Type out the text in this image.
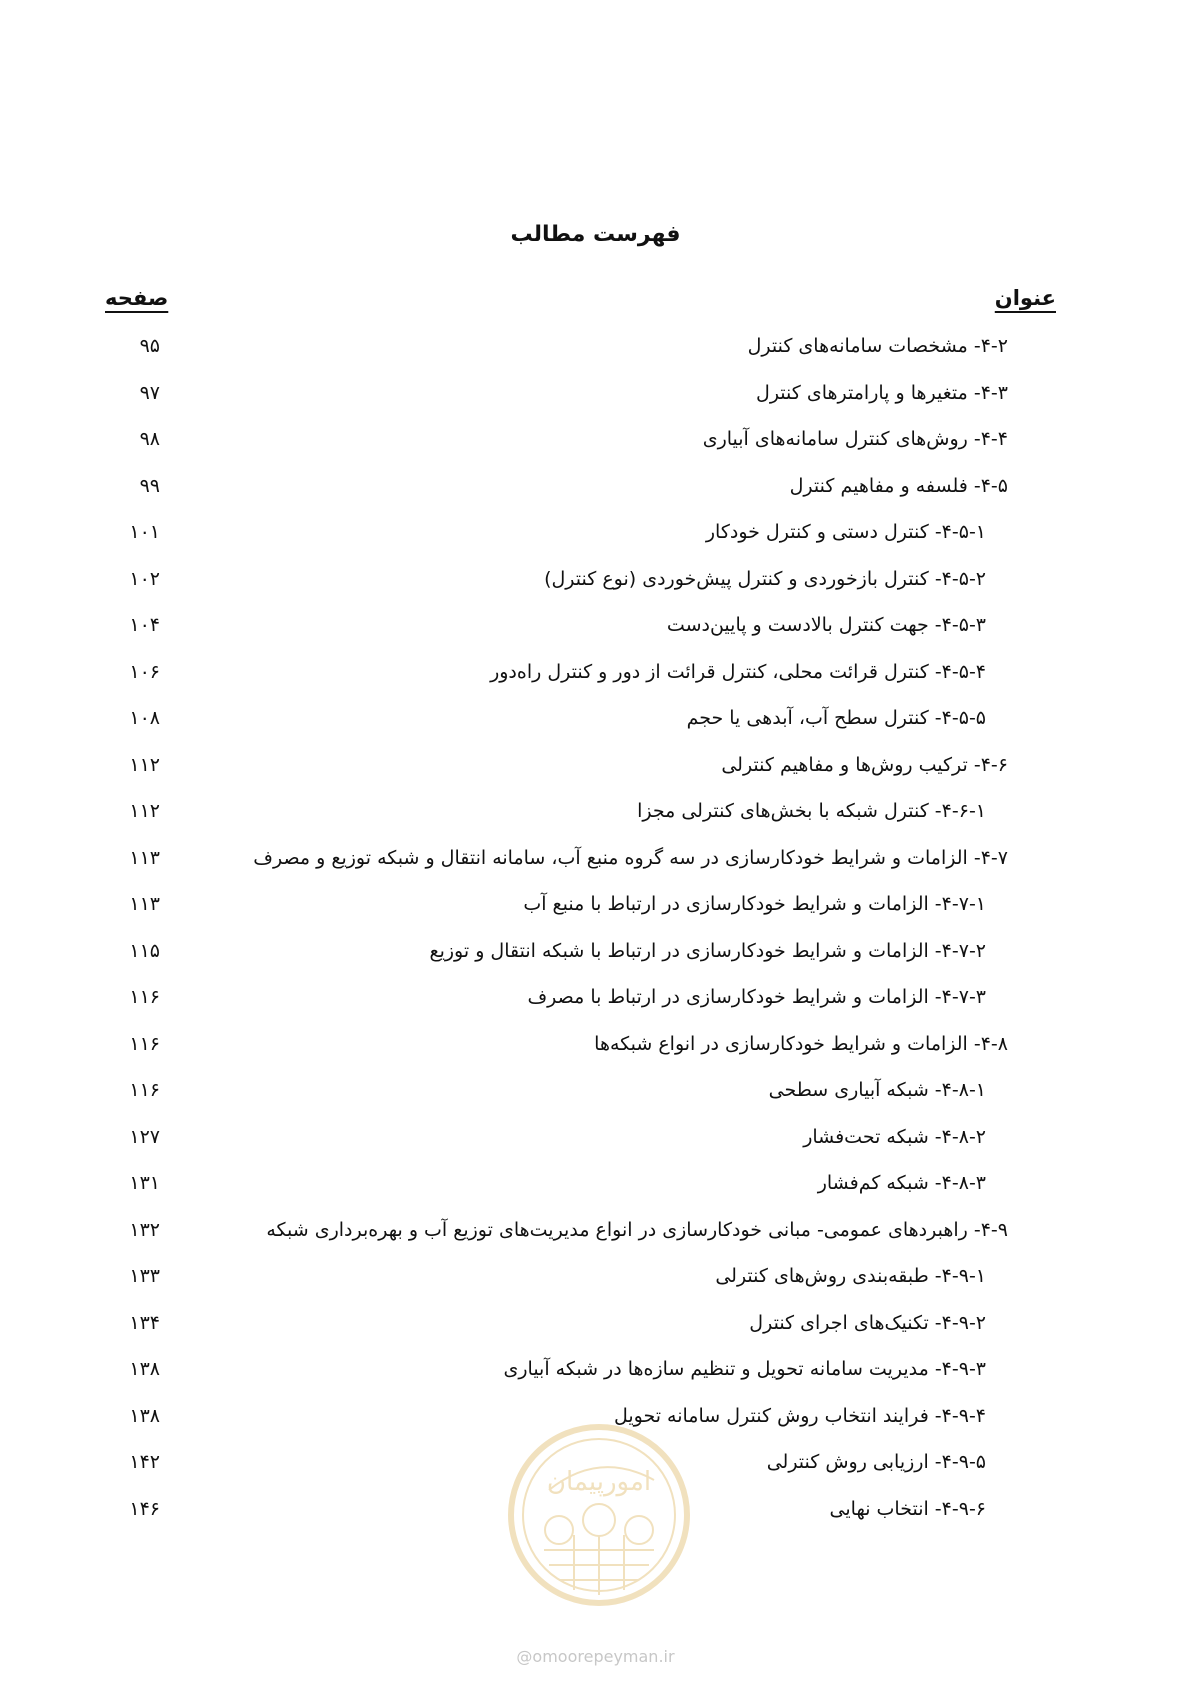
فهرست مطالب
عنوان
صفحه
۴-۲- مشخصات سامانه‌های کنترل
۹۵
۴-۳- متغیرها و پارامترهای کنترل
۹۷
۴-۴- روش‌های کنترل سامانه‌های آبیاری
۹۸
۴-۵- فلسفه و مفاهیم کنترل
۹۹
۴-۵-۱- کنترل دستی و کنترل خودکار
۱۰۱
۴-۵-۲- کنترل بازخوردی و کنترل پیش‌خوردی (نوع کنترل)
۱۰۲
۴-۵-۳- جهت کنترل بالادست و پایین‌دست
۱۰۴
۴-۵-۴- کنترل قرائت محلی، کنترل قرائت از دور و کنترل راه‌دور
۱۰۶
۴-۵-۵- کنترل سطح آب، آبدهی یا حجم
۱۰۸
۴-۶- ترکیب روش‌ها و مفاهیم کنترلی
۱۱۲
۴-۶-۱- کنترل شبکه با بخش‌های کنترلی مجزا
۱۱۲
۴-۷- الزامات و شرایط خودکارسازی در سه گروه منبع آب، سامانه انتقال و شبکه توزیع و مصرف
۱۱۳
۴-۷-۱- الزامات و شرایط خودکارسازی در ارتباط با منبع آب
۱۱۳
۴-۷-۲- الزامات و شرایط خودکارسازی در ارتباط با شبکه انتقال و توزیع
۱۱۵
۴-۷-۳- الزامات و شرایط خودکارسازی در ارتباط با مصرف
۱۱۶
۴-۸- الزامات و شرایط خودکارسازی در انواع شبکه‌ها
۱۱۶
۴-۸-۱- شبکه آبیاری سطحی
۱۱۶
۴-۸-۲- شبکه تحت‌فشار
۱۲۷
۴-۸-۳- شبکه کم‌فشار
۱۳۱
۴-۹- راهبردهای عمومی- مبانی خودکارسازی در انواع مدیریت‌های توزیع آب و بهره‌برداری شبکه
۱۳۲
۴-۹-۱- طبقه‌بندی روش‌های کنترلی
۱۳۳
۴-۹-۲- تکنیک‌های اجرای کنترل
۱۳۴
۴-۹-۳- مدیریت سامانه تحویل و تنظیم سازه‌ها در شبکه آبیاری
۱۳۸
۴-۹-۴- فرایند انتخاب روش کنترل سامانه تحویل
۱۳۸
۴-۹-۵- ارزیابی روش کنترلی
۱۴۲
۴-۹-۶- انتخاب نهایی
۱۴۶
امورپیمان
@omoorepeyman.ir
